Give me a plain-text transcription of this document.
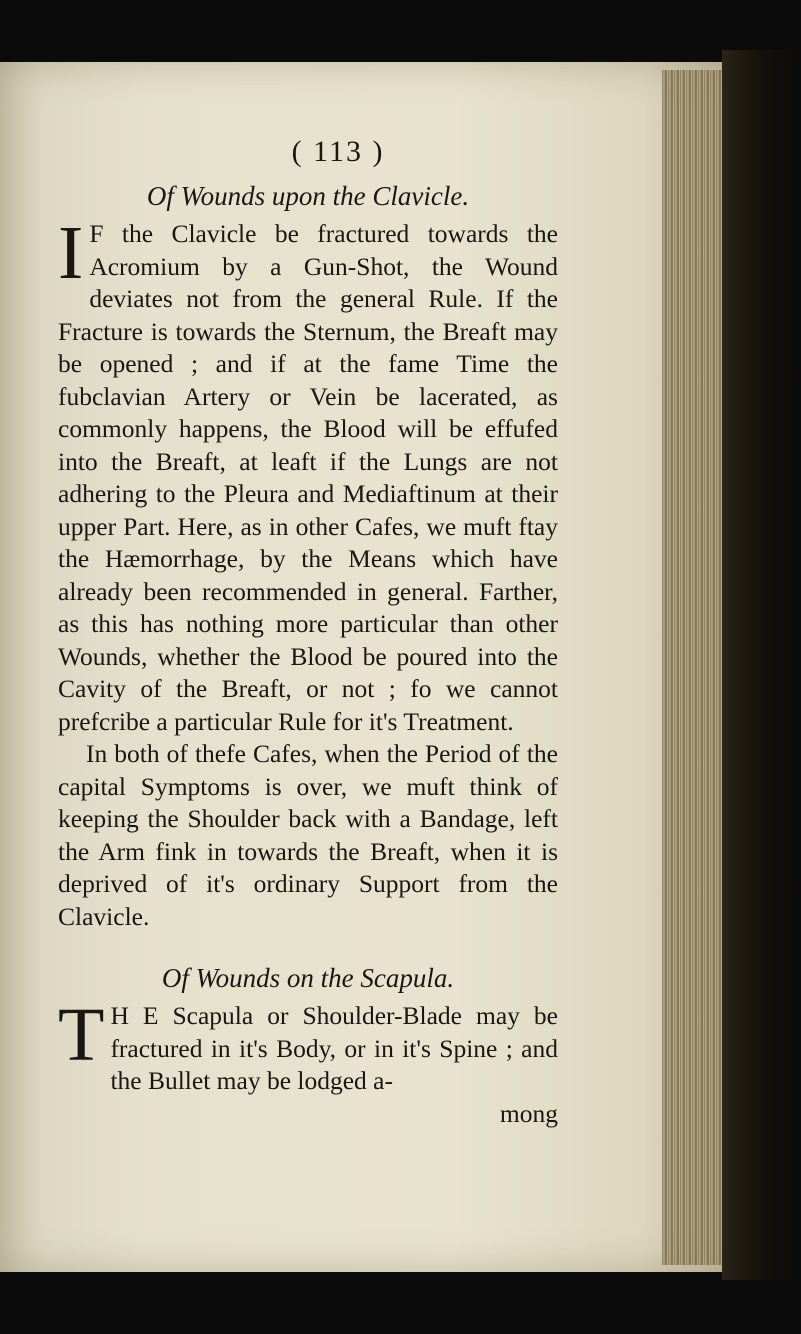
( 113 )
Of Wounds upon the Clavicle.
I F the Clavicle be fractured towards the Acromium by a Gun-Shot, the Wound deviates not from the general Rule. If the Fracture is towards the Sternum, the Breaft may be opened ; and if at the fame Time the fubclavian Artery or Vein be lacerated, as commonly happens, the Blood will be effufed into the Breaft, at leaft if the Lungs are not adhering to the Pleura and Mediaftinum at their upper Part. Here, as in other Cafes, we muft ftay the Hæmorrhage, by the Means which have already been recommended in general. Farther, as this has nothing more particular than other Wounds, whether the Blood be poured into the Cavity of the Breaft, or not ; fo we cannot prefcribe a particular Rule for it's Treatment.
In both of thefe Cafes, when the Period of the capital Symptoms is over, we muft think of keeping the Shoulder back with a Bandage, left the Arm fink in towards the Breaft, when it is deprived of it's ordinary Support from the Clavicle.
Of Wounds on the Scapula.
T H E Scapula or Shoulder-Blade may be fractured in it's Body, or in it's Spine ; and the Bullet may be lodged a-
mong
